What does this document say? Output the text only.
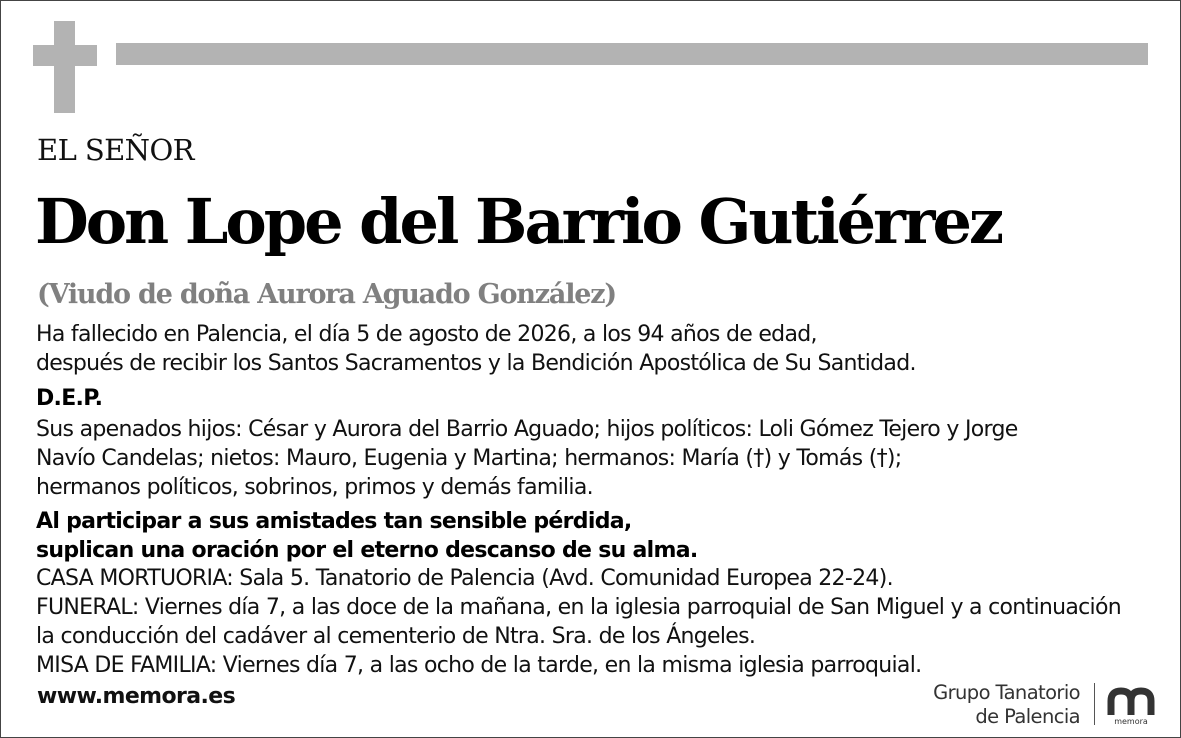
EL SEÑOR
Don Lope del Barrio Gutiérrez

(Viudo de doña Aurora Aguado González)

Ha fallecido en Palencia, el día 5 de agosto de 2026, a los 94 años de edad,
después de recibir los Santos Sacramentos y la Bendición Apostólica de Su Santidad.
D.E.P.
Sus apenados hijos: César y Aurora del Barrio Aguado; hijos políticos: Loli Gómez Tejero y Jorge
Navío Candelas; nietos: Mauro, Eugenia y Martina; hermanos: María (†) y Tomás (†);
hermanos políticos, sobrinos, primos y demás familia.
Al participar a sus amistades tan sensible pérdida,
suplican una oración por el eterno descanso de su alma.
CASA MORTUORIA: Sala 5. Tanatorio de Palencia (Avd. Comunidad Europea 22-24).
FUNERAL: Viernes día 7, a las doce de la mañana, en la iglesia parroquial de San Miguel y a continuación
la conducción del cadáver al cementerio de Ntra. Sra. de los Ángeles.
MISA DE FAMILIA: Viernes día 7, a las ocho de la tarde, en la misma iglesia parroquial.
www.memora.es	Grupo Tanatorio
de Palencia	memora
